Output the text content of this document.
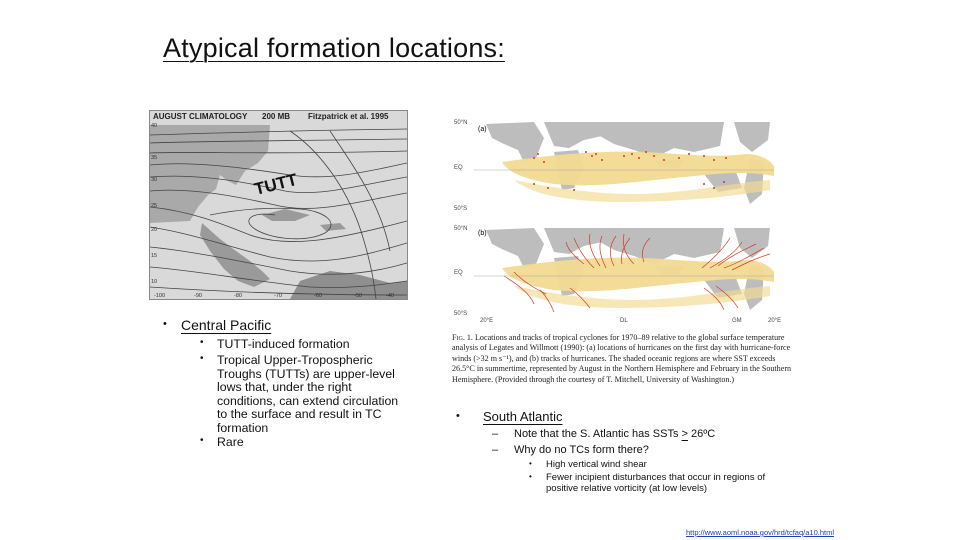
Atypical formation locations:
AUGUST CLIMATOLOGY 200 MB Fitzpatrick et al. 1995
TUTT
40
35
30
25
20
15
10
-100	-90	-80	-70	-60	-50	-40
50°N
EQ
50°S
(a)
50°N
EQ
50°S
(b)
20°E	DL	GM	20°E
Fig. 1. Locations and tracks of tropical cyclones for 1970–89 relative to the global surface temperature analysis of Legates and Willmott (1990): (a) locations of hurricanes on the first day with hurricane-force winds (>32 m s⁻¹), and (b) tracks of hurricanes. The shaded oceanic regions are where SST exceeds 26.5°C in summertime, represented by August in the Northern Hemisphere and February in the Southern Hemisphere. (Provided through the courtesy of T. Mitchell, University of Washington.)
• Central Pacific
• TUTT-induced formation
• Tropical Upper-Tropospheric Troughs (TUTTs) are upper-level lows that, under the right conditions, can extend circulation to the surface and result in TC formation
• Rare
• South Atlantic
– Note that the S. Atlantic has SSTs ≥ 26ºC
– Why do no TCs form there?
• High vertical wind shear
• Fewer incipient disturbances that occur in regions of positive relative vorticity (at low levels)
http://www.aoml.noaa.gov/hrd/tcfaq/a10.html
